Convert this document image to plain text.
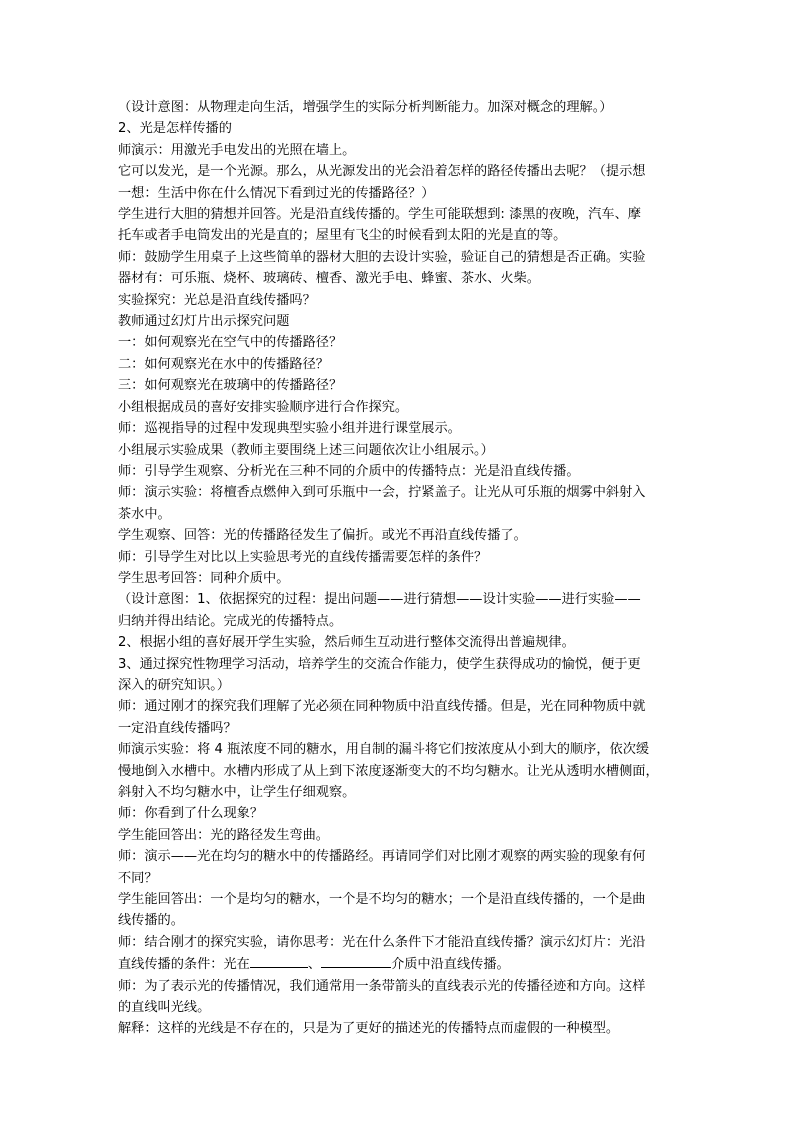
（设计意图：从物理走向生活，增强学生的实际分析判断能力。加深对概念的理解。）

2、光是怎样传播的

师演示：用激光手电发出的光照在墙上。

它可以发光，是一个光源。那么，从光源发出的光会沿着怎样的路径传播出去呢？（提示想

一想：生活中你在什么情况下看到过光的传播路径？）

学生进行大胆的猜想并回答。光是沿直线传播的。学生可能联想到: 漆黑的夜晚，汽车、摩

托车或者手电筒发出的光是直的；屋里有飞尘的时候看到太阳的光是直的等。

师：鼓励学生用桌子上这些简单的器材大胆的去设计实验，验证自己的猜想是否正确。实验

器材有：可乐瓶、烧杯、玻璃砖、檀香、激光手电、蜂蜜、茶水、火柴。

实验探究：光总是沿直线传播吗？

教师通过幻灯片出示探究问题

一：如何观察光在空气中的传播路径？

二：如何观察光在水中的传播路径？

三：如何观察光在玻璃中的传播路径？

小组根据成员的喜好安排实验顺序进行合作探究。

师：巡视指导的过程中发现典型实验小组并进行课堂展示。

小组展示实验成果（教师主要围绕上述三问题依次让小组展示。）

师：引导学生观察、分析光在三种不同的介质中的传播特点：光是沿直线传播。

师：演示实验：将檀香点燃伸入到可乐瓶中一会，拧紧盖子。让光从可乐瓶的烟雾中斜射入

茶水中。

学生观察、回答：光的传播路径发生了偏折。或光不再沿直线传播了。

师：引导学生对比以上实验思考光的直线传播需要怎样的条件？

学生思考回答：同种介质中。

（设计意图：1、依据探究的过程：提出问题——进行猜想——设计实验——进行实验——

归纳并得出结论。完成光的传播特点。

2、根据小组的喜好展开学生实验，然后师生互动进行整体交流得出普遍规律。

3、通过探究性物理学习活动，培养学生的交流合作能力，使学生获得成功的愉悦，便于更

深入的研究知识。）

师：通过刚才的探究我们理解了光必须在同种物质中沿直线传播。但是，光在同种物质中就

一定沿直线传播吗？

师演示实验：将 4 瓶浓度不同的糖水，用自制的漏斗将它们按浓度从小到大的顺序，依次缓

慢地倒入水槽中。水槽内形成了从上到下浓度逐渐变大的不均匀糖水。让光从透明水槽侧面，

斜射入不均匀糖水中，让学生仔细观察。

师：你看到了什么现象？

学生能回答出：光的路径发生弯曲。

师：演示——光在均匀的糖水中的传播路经。再请同学们对比刚才观察的两实验的现象有何

不同？

学生能回答出：一个是均匀的糖水，一个是不均匀的糖水；一个是沿直线传播的，一个是曲

线传播的。

师：结合刚才的探究实验，请你思考：光在什么条件下才能沿直线传播？演示幻灯片：光沿

直线传播的条件：光在	、	介质中沿直线传播。

师：为了表示光的传播情况，我们通常用一条带箭头的直线表示光的传播径迹和方向。这样

的直线叫光线。

解释：这样的光线是不存在的，只是为了更好的描述光的传播特点而虚假的一种模型。
